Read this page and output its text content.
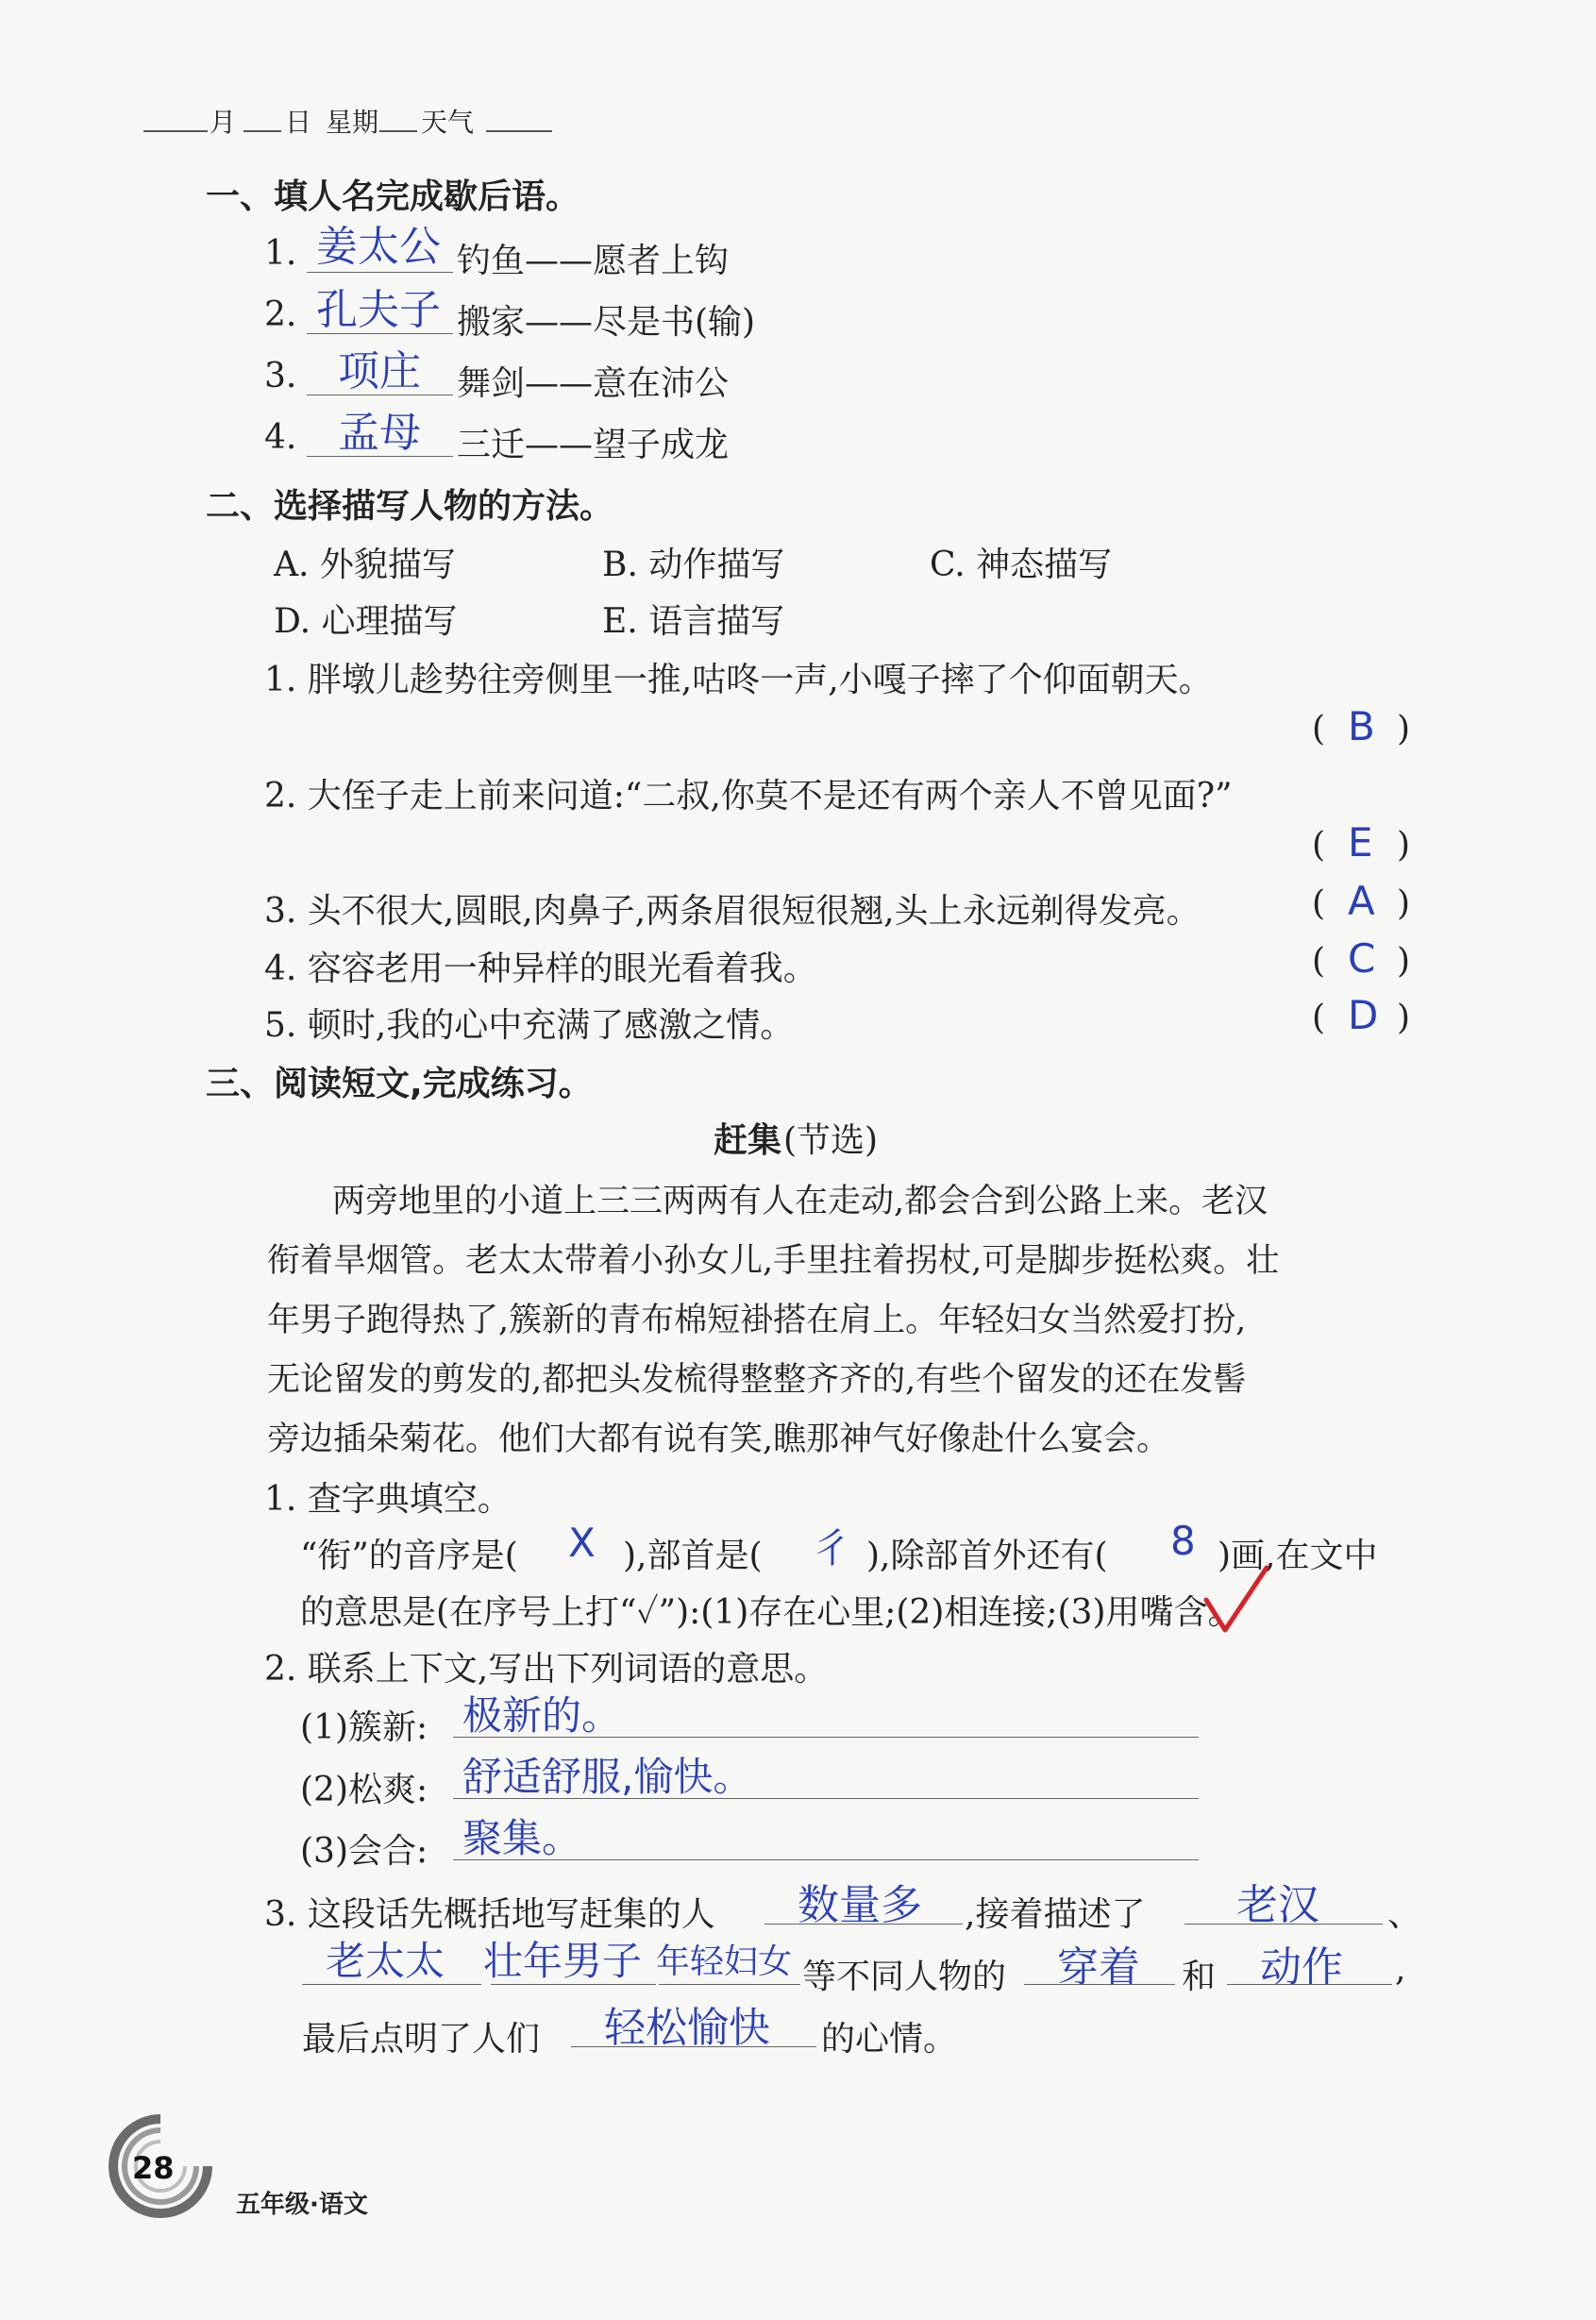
月 日 星期 天气
一、填人名完成歇后语。
1. 姜太公 钓鱼——愿者上钩
2. 孔夫子 搬家——尽是书(输)
3. 项庄 舞剑——意在沛公
4. 孟母 三迁——望子成龙
二、选择描写人物的方法。
A. 外貌描写	B. 动作描写	C. 神态描写
D. 心理描写	E. 语言描写
1. 胖墩儿趁势往旁侧里一推,咕咚一声,小嘎子摔了个仰面朝天。
( B )
2. 大侄子走上前来问道:“二叔,你莫不是还有两个亲人不曾见面?”
( E )
3. 头不很大,圆眼,肉鼻子,两条眉很短很翘,头上永远剃得发亮。	( A )
4. 容容老用一种异样的眼光看着我。	( C )
5. 顿时,我的心中充满了感激之情。	( D )
三、阅读短文,完成练习。
赶集 (节选)
两旁地里的小道上三三两两有人在走动,都会合到公路上来。老汉
衔着旱烟管。老太太带着小孙女儿,手里拄着拐杖,可是脚步挺松爽。壮
年男子跑得热了,簇新的青布棉短褂搭在肩上。年轻妇女当然爱打扮,
无论留发的剪发的,都把头发梳得整整齐齐的,有些个留发的还在发髻
旁边插朵菊花。他们大都有说有笑,瞧那神气好像赴什么宴会。
1. 查字典填空。
“衔”的音序是( X ),部首是( 彳 ),除部首外还有( 8 )画,在文中
的意思是(在序号上打“✓”):(1)存在心里;(2)相连接;(3)用嘴含。
2. 联系上下文,写出下列词语的意思。
(1)簇新: 极新的。
(2)松爽: 舒适舒服,愉快。
(3)会合: 聚集。
3. 这段话先概括地写赶集的人 数量多 ,接着描述了 老汉 、
老太太 壮年男子 年轻妇女 等不同人物的 穿着 和 动作 ,
最后点明了人们 轻松愉快 的心情。
28
五年级·语文
